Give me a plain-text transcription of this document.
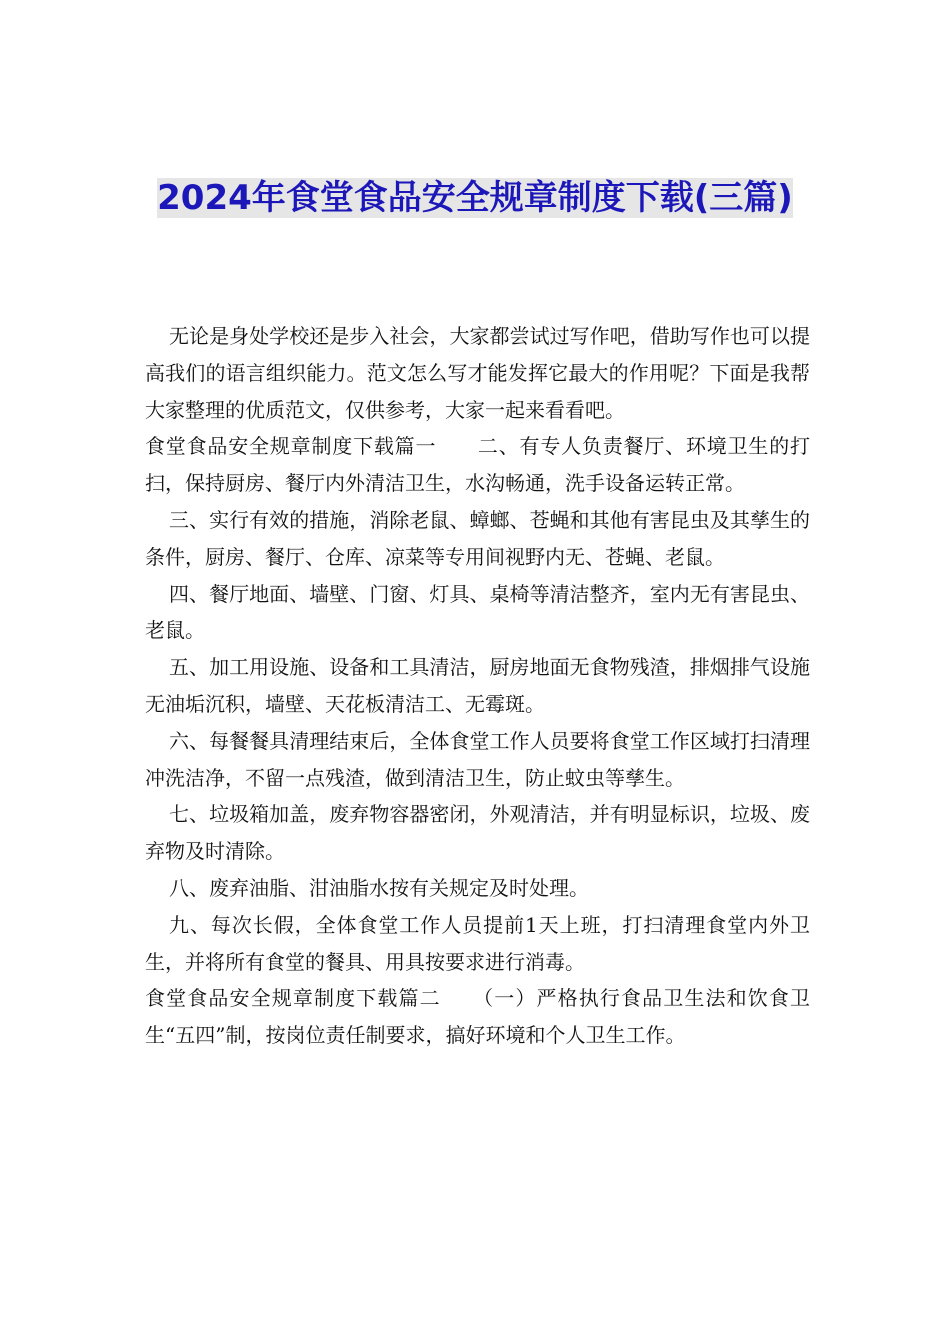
2024年食堂食品安全规章制度下载(三篇)

无论是身处学校还是步入社会，大家都尝试过写作吧，借助写作也可以提高我们的语言组织能力。范文怎么写才能发挥它最大的作用呢？下面是我帮大家整理的优质范文，仅供参考，大家一起来看看吧。

食堂食品安全规章制度下载篇一　　二、有专人负责餐厅、环境卫生的打扫，保持厨房、餐厅内外清洁卫生，水沟畅通，洗手设备运转正常。

三、实行有效的措施，消除老鼠、蟑螂、苍蝇和其他有害昆虫及其孳生的条件，厨房、餐厅、仓库、凉菜等专用间视野内无、苍蝇、老鼠。

四、餐厅地面、墙壁、门窗、灯具、桌椅等清洁整齐，室内无有害昆虫、老鼠。

五、加工用设施、设备和工具清洁，厨房地面无食物残渣，排烟排气设施无油垢沉积，墙壁、天花板清洁工、无霉斑。

六、每餐餐具清理结束后，全体食堂工作人员要将食堂工作区域打扫清理冲洗洁净，不留一点残渣，做到清洁卫生，防止蚊虫等孳生。

七、垃圾箱加盖，废弃物容器密闭，外观清洁，并有明显标识，垃圾、废弃物及时清除。

八、废弃油脂、泔油脂水按有关规定及时处理。

九、每次长假，全体食堂工作人员提前1天上班，打扫清理食堂内外卫生，并将所有食堂的餐具、用具按要求进行消毒。

食堂食品安全规章制度下载篇二　　（一）严格执行食品卫生法和饮食卫生“五四”制，按岗位责任制要求，搞好环境和个人卫生工作。
